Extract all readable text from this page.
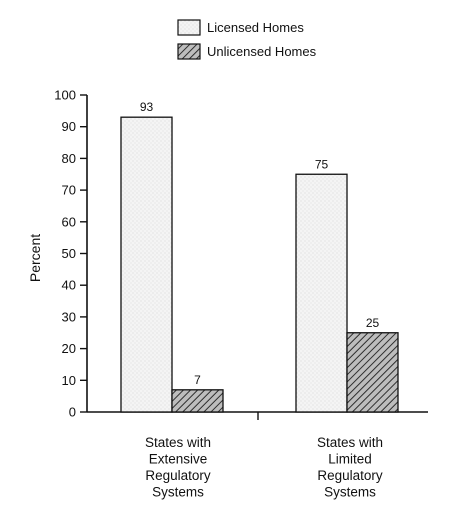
Licensed Homes
Unlicensed Homes
0
10
20
30
40
50
60
70
80
90
100
93
75
7
25
States with
Extensive
Regulatory
Systems
States with
Limited
Regulatory
Systems
Percent
